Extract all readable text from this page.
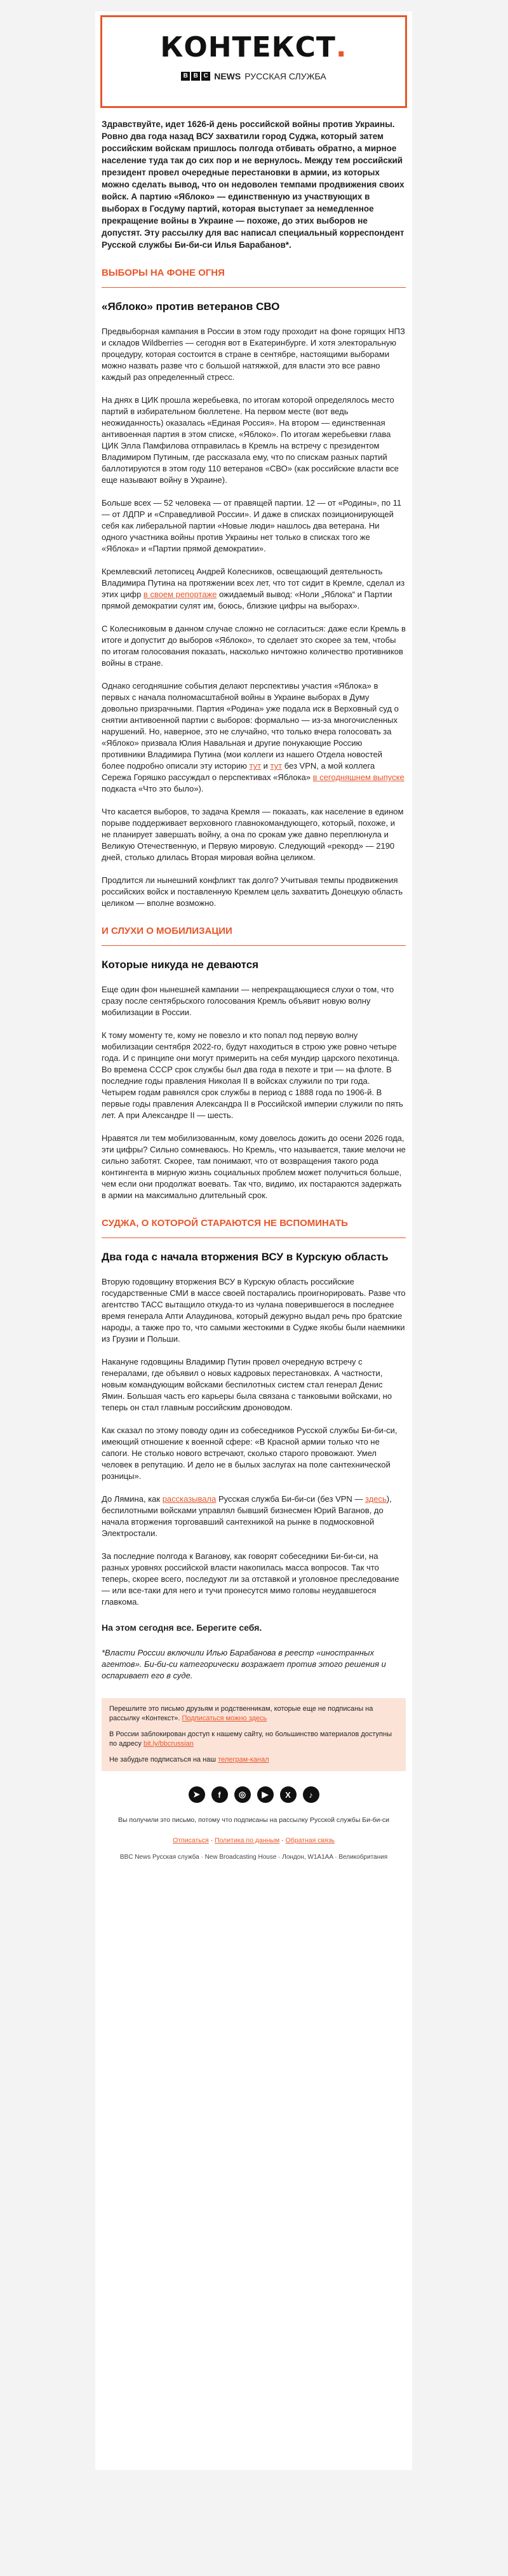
КОНТЕКСТ.
B B C NEWS РУССКАЯ СЛУЖБА

Здравствуйте, идет 1626-й день российской войны против Украины. Ровно два года назад ВСУ захватили город Суджа, который затем российским войскам пришлось полгода отбивать обратно, а мирное население туда так до сих пор и не вернулось. Между тем российский президент провел очередные перестановки в армии, из которых можно сделать вывод, что он недоволен темпами продвижения своих войск. А партию «Яблоко» — единственную из участвующих в выборах в Госдуму партий, которая выступает за немедленное прекращение войны в Украине — похоже, до этих выборов не допустят. Эту рассылку для вас написал специальный корреспондент Русской службы Би-би-си Илья Барабанов*.

ВЫБОРЫ НА ФОНЕ ОГНЯ
«Яблоко» против ветеранов СВО

Предвыборная кампания в России в этом году проходит на фоне горящих НПЗ и складов Wildberries — сегодня вот в Екатеринбурге. И хотя электоральную процедуру, которая состоится в стране в сентябре, настоящими выборами можно назвать разве что с большой натяжкой, для власти это все равно каждый раз определенный стресс.

На днях в ЦИК прошла жеребьевка, по итогам которой определялось место партий в избирательном бюллетене. На первом месте (вот ведь неожиданность) оказалась «Единая Россия». На втором — единственная антивоенная партия в этом списке, «Яблоко». По итогам жеребьевки глава ЦИК Элла Памфилова отправилась в Кремль на встречу с президентом Владимиром Путиным, где рассказала ему, что по спискам разных партий баллотируются в этом году 110 ветеранов «СВО» (как российские власти все еще называют войну в Украине).

Больше всех — 52 человека — от правящей партии. 12 — от «Родины», по 11 — от ЛДПР и «Справедливой России». И даже в списках позиционирующей себя как либеральной партии «Новые люди» нашлось два ветерана. Ни одного участника войны против Украины нет только в списках того же «Яблока» и «Партии прямой демократии».

Кремлевский летописец Андрей Колесников, освещающий деятельность Владимира Путина на протяжении всех лет, что тот сидит в Кремле, сделал из этих цифр в своем репортаже ожидаемый вывод: «Ноли „Яблока“ и Партии прямой демократии сулят им, боюсь, близкие цифры на выборах».

С Колесниковым в данном случае сложно не согласиться: даже если Кремль в итоге и допустит до выборов «Яблоко», то сделает это скорее за тем, чтобы по итогам голосования показать, насколько ничтожно количество противников войны в стране.

Однако сегодняшние события делают перспективы участия «Яблока» в первых с начала полномасштабной войны в Украине выборах в Думу довольно призрачными. Партия «Родина» уже подала иск в Верховный суд о снятии антивоенной партии с выборов: формально — из-за многочисленных нарушений. Но, наверное, это не случайно, что только вчера голосовать за «Яблоко» призвала Юлия Навальная и другие понукающие Россию противники Владимира Путина (мои коллеги из нашего Отдела новостей более подробно описали эту историю тут и тут без VPN, а мой коллега Сережа Горяшко рассуждал о перспективах «Яблока» в сегодняшнем выпуске подкаста «Что это было»).

Что касается выборов, то задача Кремля — показать, как население в едином порыве поддерживает верховного главнокомандующего, который, похоже, и не планирует завершать войну, а она по срокам уже давно переплюнула и Великую Отечественную, и Первую мировую. Следующий «рекорд» — 2190 дней, столько длилась Вторая мировая война целиком.

Продлится ли нынешний конфликт так долго? Учитывая темпы продвижения российских войск и поставленную Кремлем цель захватить Донецкую область целиком — вполне возможно.

И СЛУХИ О МОБИЛИЗАЦИИ
Которые никуда не деваются

Еще один фон нынешней кампании — непрекращающиеся слухи о том, что сразу после сентябрьского голосования Кремль объявит новую волну мобилизации в России.

К тому моменту те, кому не повезло и кто попал под первую волну мобилизации сентября 2022-го, будут находиться в строю уже ровно четыре года. И с принципе они могут примерить на себя мундир царского пехотинца. Во времена СССР срок службы был два года в пехоте и три — на флоте. В последние годы правления Николая II в войсках служили по три года. Четырем годам равнялся срок службы в период с 1888 года по 1906-й. В первые годы правления Александра II в Российской империи служили по пять лет. А при Александре II — шесть.

Нравятся ли тем мобилизованным, кому довелось дожить до осени 2026 года, эти цифры? Сильно сомневаюсь. Но Кремль, что называется, такие мелочи не сильно заботят. Скорее, там понимают, что от возвращения такого рода контингента в мирную жизнь социальных проблем может получиться больше, чем если они продолжат воевать. Так что, видимо, их постараются задержать в армии на максимально длительный срок.

СУДЖА, О КОТОРОЙ СТАРАЮТСЯ НЕ ВСПОМИНАТЬ
Два года с начала вторжения ВСУ в Курскую область

Вторую годовщину вторжения ВСУ в Курскую область российские государственные СМИ в массе своей постарались проигнорировать. Разве что агентство ТАСС вытащило откуда-то из чулана поверившегося в последнее время генерала Апти Алаудинова, который дежурно выдал речь про братские народы, а также про то, что самыми жестокими в Судже якобы были наемники из Грузии и Польши.

Накануне годовщины Владимир Путин провел очередную встречу с генералами, где объявил о новых кадровых перестановках. А частности, новым командующим войсками беспилотных систем стал генерал Денис Ямин. Большая часть его карьеры была связана с танковыми войсками, но теперь он стал главным российским дроноводом.

Как сказал по этому поводу один из собеседников Русской службы Би-би-си, имеющий отношение к военной сфере: «В Красной армии только что не сапоги. Не столько нового встречают, сколько старого провожают. Умел человек в репутацию. И дело не в былых заслугах на поле сантехнической розницы».

До Лямина, как рассказывала Русская служба Би-би-си (без VPN — здесь), беспилотными войсками управлял бывший бизнесмен Юрий Ваганов, до начала вторжения торговавший сантехникой на рынке в подмосковной Электростали.

За последние полгода к Ваганову, как говорят собеседники Би-би-си, на разных уровнях российской власти накопилась масса вопросов. Так что теперь, скорее всего, последуют ли за отставкой и уголовное преследование — или все-таки для него и тучи пронесутся мимо головы неудавшегося главкома.

На этом сегодня все. Берегите себя.

*Власти России включили Илью Барабанова в реестр «иностранных агентов». Би-би-си категорически возражает против этого решения и оспаривает его в суде.

Перешлите это письмо друзьям и родственникам, которые еще не подписаны на рассылку «Контекст». Подписаться можно здесь

В России заблокирован доступ к нашему сайту, но большинство материалов доступны по адресу bit.ly/bbcrussian

Не забудьте подписаться на наш телеграм-канал

➤	f	◎	▶	X	♪

Вы получили это письмо, потому что подписаны на рассылку Русской службы Би-би-си

Отписаться · Политика по данным · Обратная связь

BBC News Русская служба · New Broadcasting House · Лондон, W1A1AA · Великобритания
